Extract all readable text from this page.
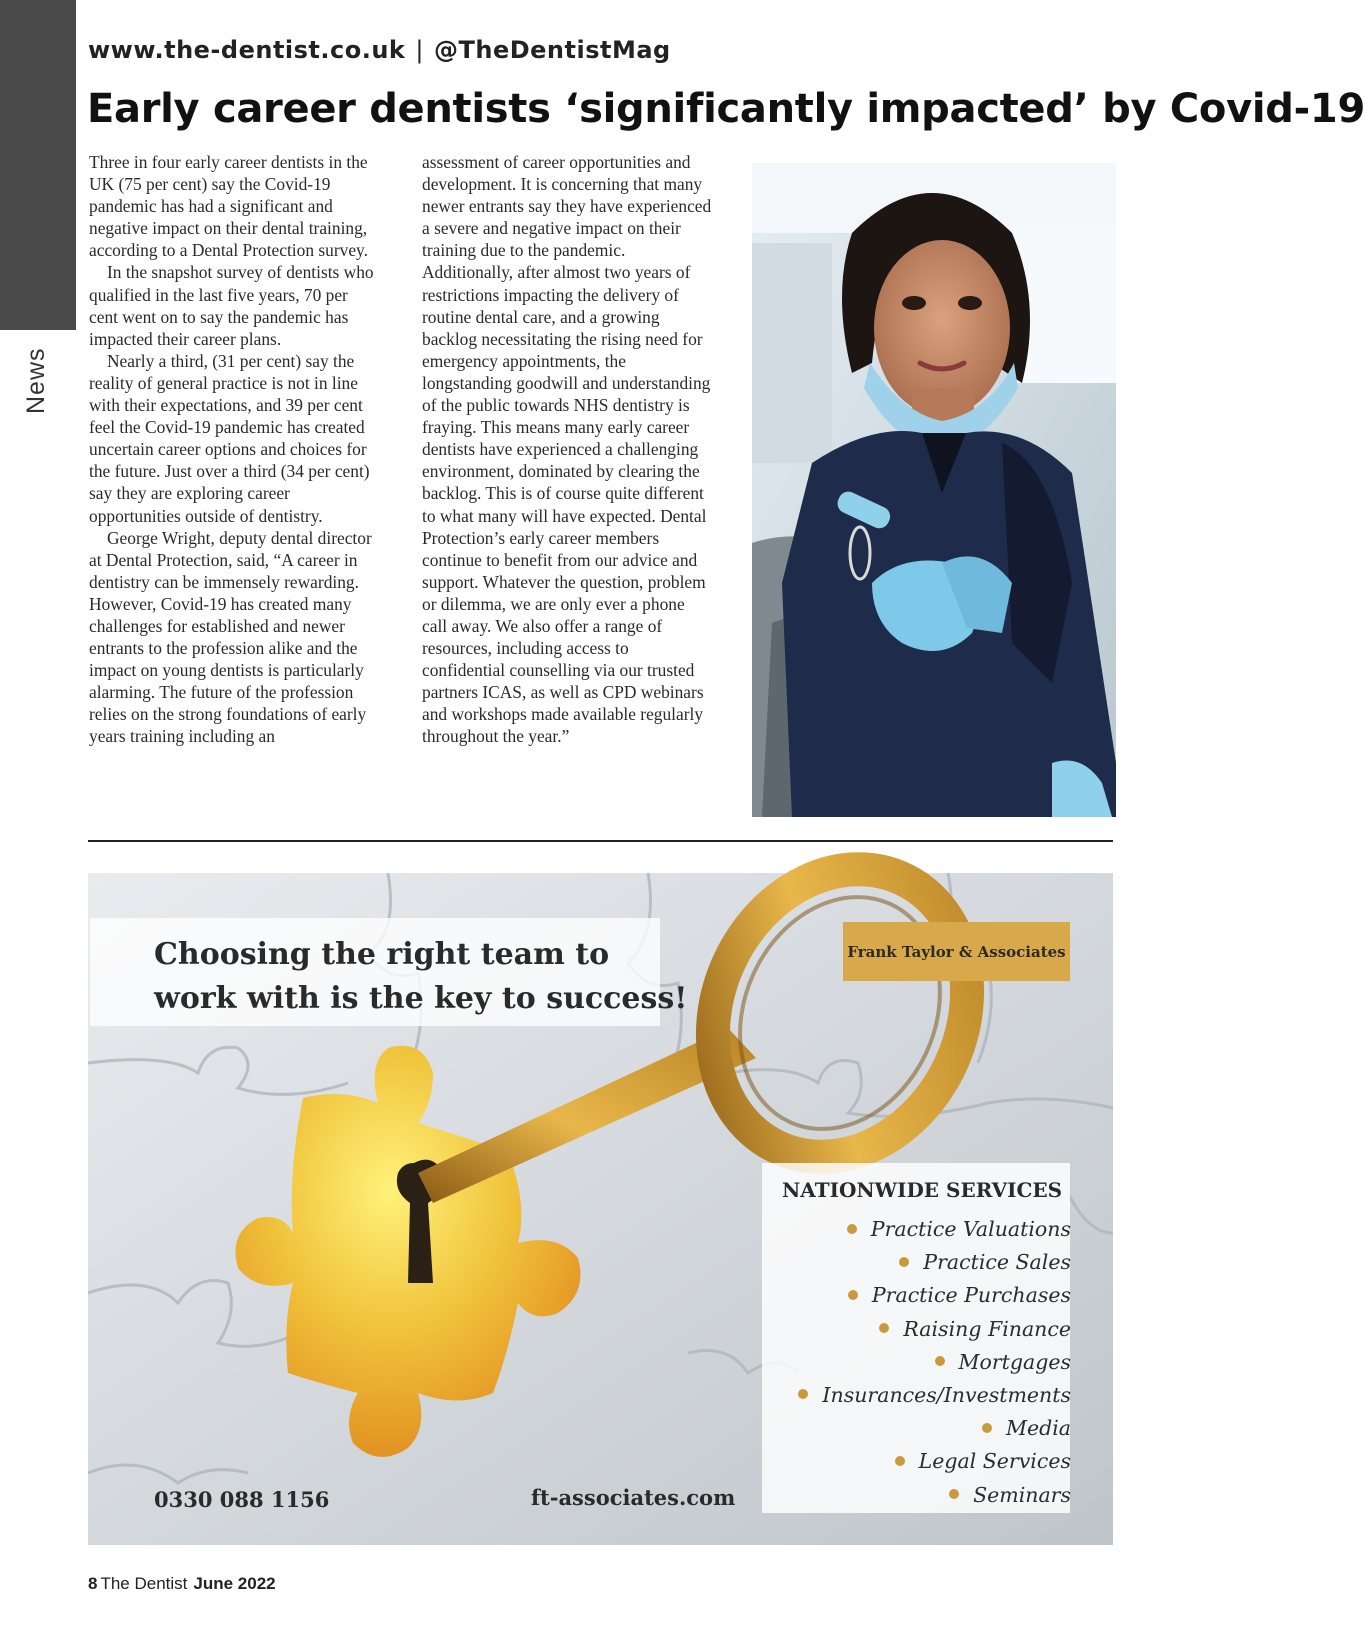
News
www.the-dentist.co.uk | @TheDentistMag
Early career dentists ‘significantly impacted’ by Covid-19

Three in four early career dentists in the UK (75 per cent) say the Covid-19 pandemic has had a significant and negative impact on their dental training, according to a Dental Protection survey.

In the snapshot survey of dentists who qualified in the last five years, 70 per cent went on to say the pandemic has impacted their career plans.

Nearly a third, (31 per cent) say the reality of general practice is not in line with their expectations, and 39 per cent feel the Covid-19 pandemic has created uncertain career options and choices for the future. Just over a third (34 per cent) say they are exploring career opportunities outside of dentistry.

George Wright, deputy dental director at Dental Protection, said, “A career in dentistry can be immensely rewarding. However, Covid-19 has created many challenges for established and newer entrants to the profession alike and the impact on young dentists is particularly alarming. The future of the profession relies on the strong foundations of early years training including an

assessment of career opportunities and development. It is concerning that many newer entrants say they have experienced a severe and negative impact on their training due to the pandemic. Additionally, after almost two years of restrictions impacting the delivery of routine dental care, and a growing backlog necessitating the rising need for emergency appointments, the longstanding goodwill and understanding of the public towards NHS dentistry is fraying. This means many early career dentists have experienced a challenging environment, dominated by clearing the backlog. This is of course quite different to what many will have expected. Dental Protection’s early career members continue to benefit from our advice and support. Whatever the question, problem or dilemma, we are only ever a phone call away. We also offer a range of resources, including access to confidential counselling via our trusted partners ICAS, as well as CPD webinars and workshops made available regularly throughout the year.”

Choosing the right team to
work with is the key to success!
Frank Taylor & Associates
NATIONWIDE SERVICES
Practice Valuations
Practice Sales
Practice Purchases
Raising Finance
Mortgages
Insurances/Investments
Media
Legal Services
Seminars
0330 088 1156	ft-associates.com
8 The Dentist June 2022
